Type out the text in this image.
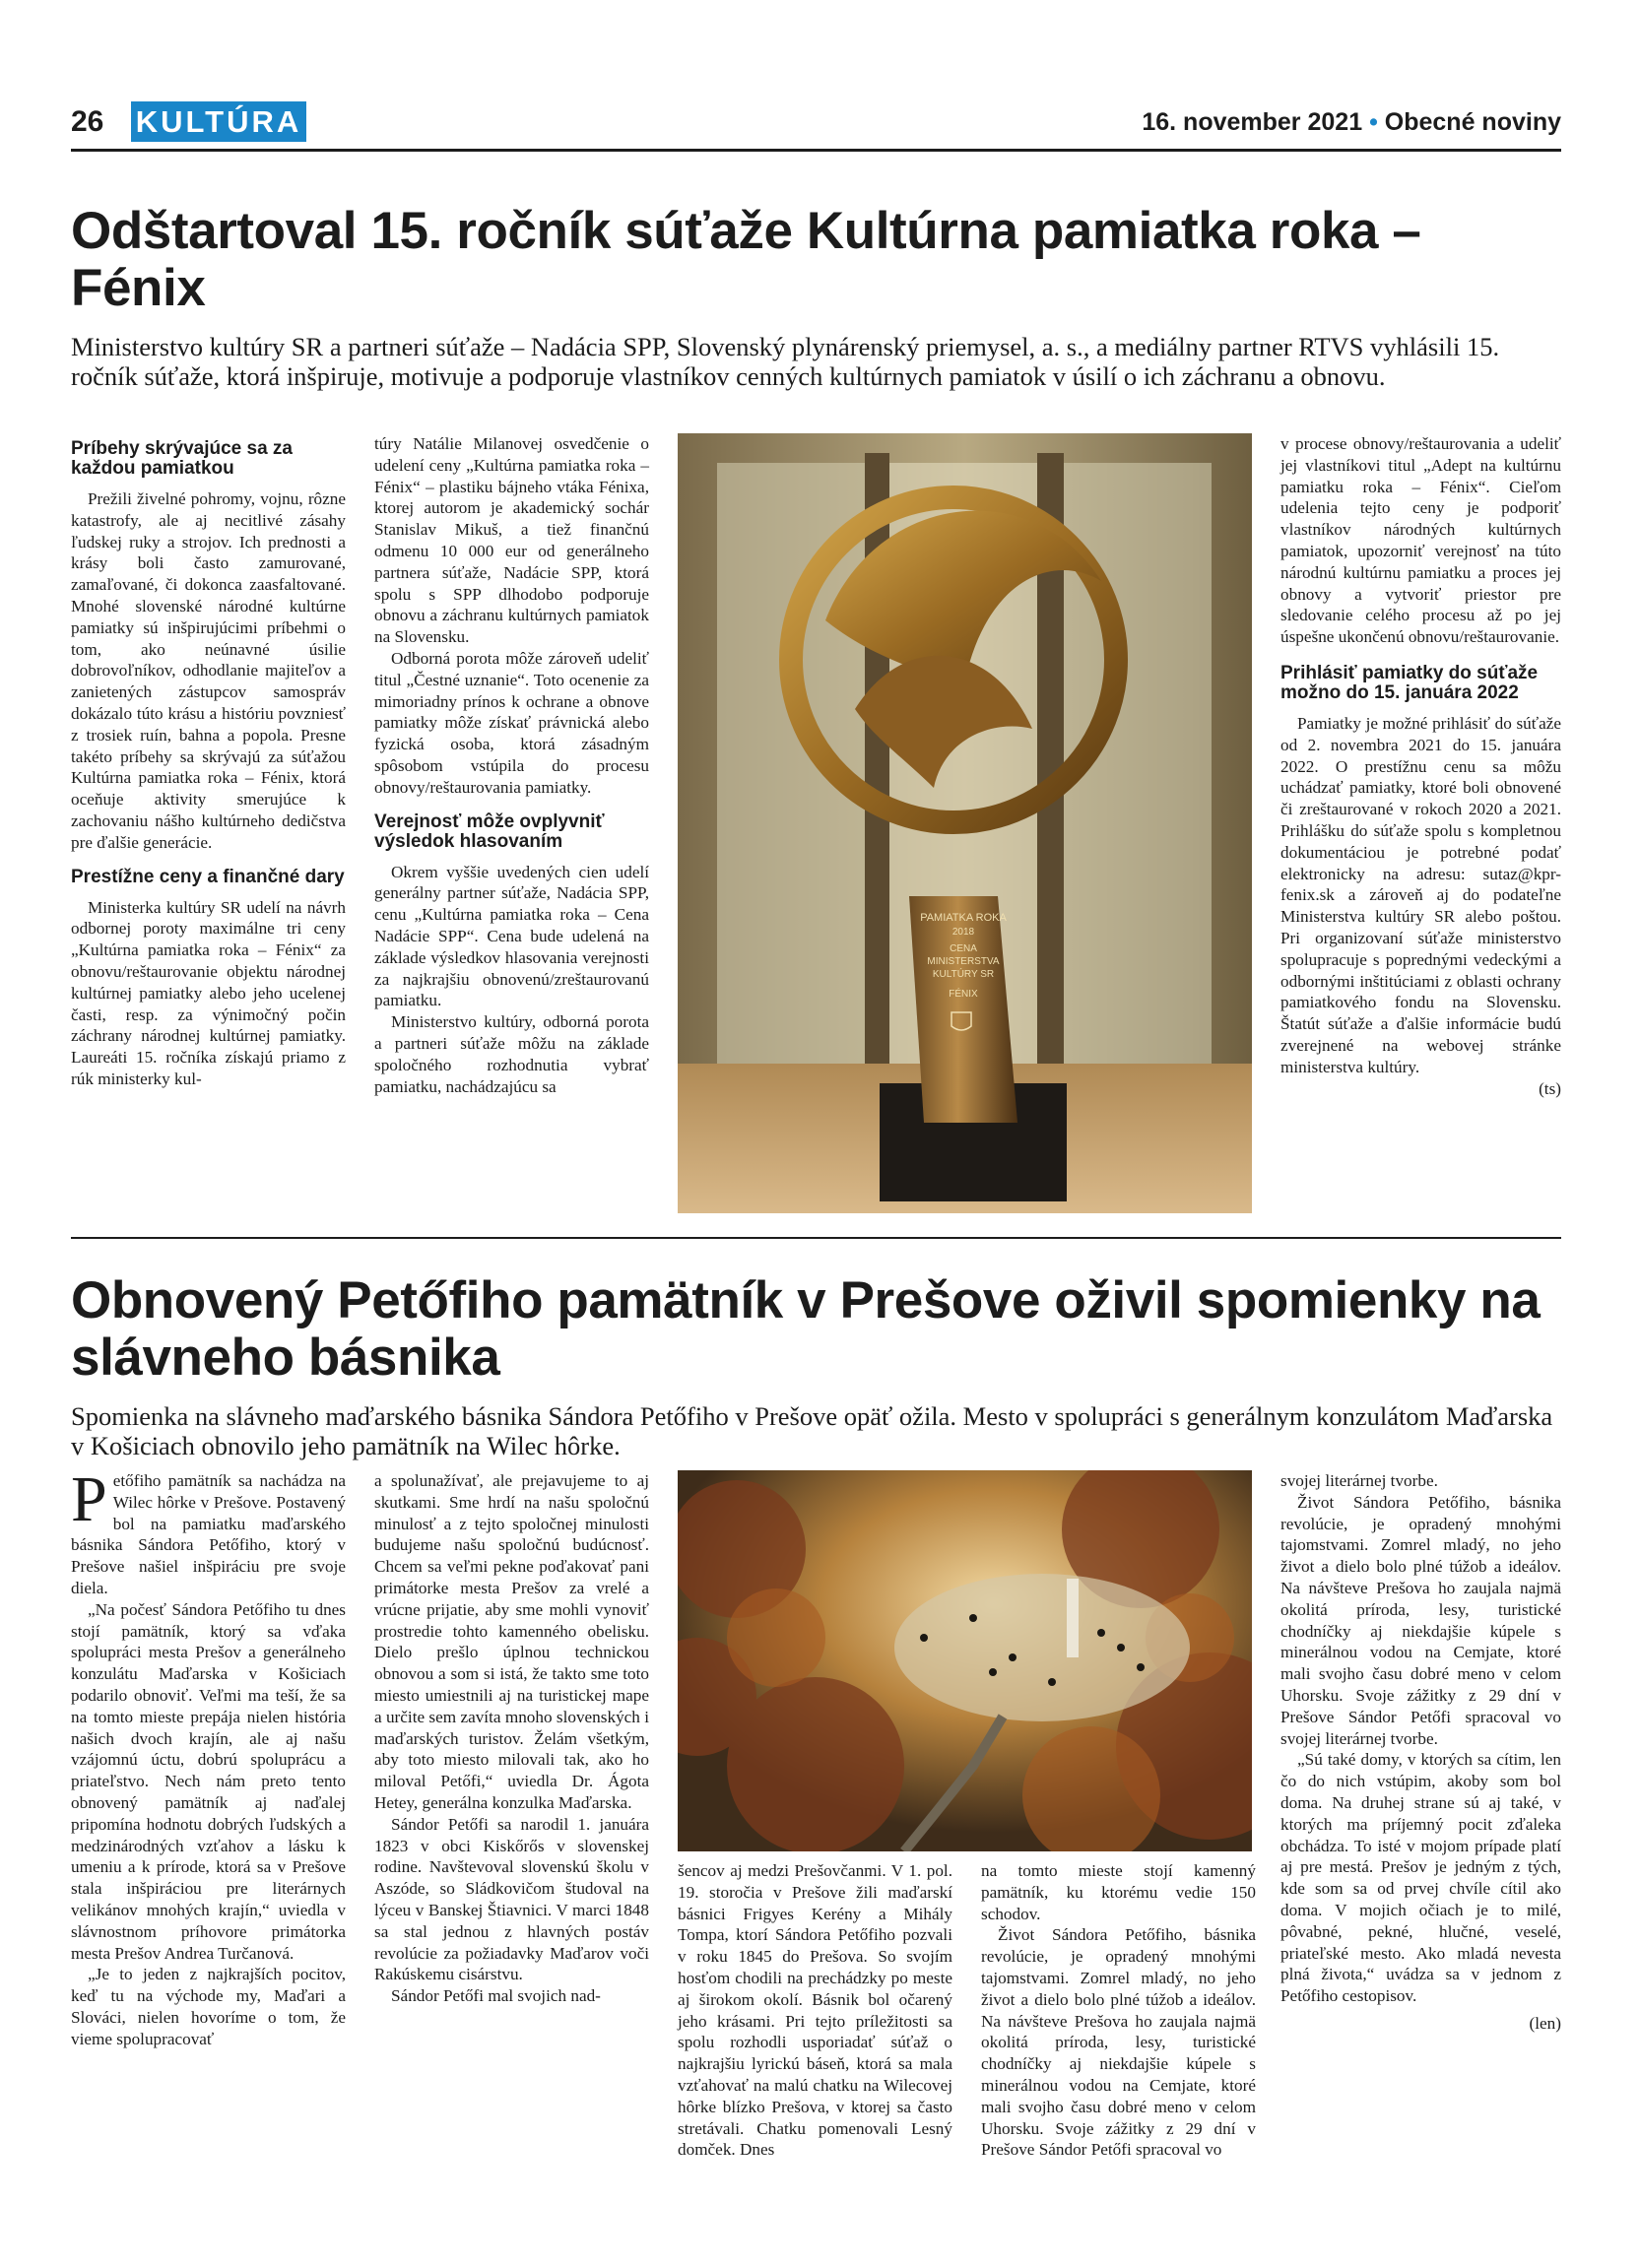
26 KULTÚRA	16. november 2021 • Obecné noviny
Odštartoval 15. ročník súťaže Kultúrna pamiatka roka – Fénix

Ministerstvo kultúry SR a partneri súťaže – Nadácia SPP, Slovenský plynárenský priemysel, a. s., a mediálny partner RTVS vyhlásili 15. ročník súťaže, ktorá inšpiruje, motivuje a podporuje vlastníkov cenných kultúrnych pamiatok v úsilí o ich záchranu a obnovu.

Príbehy skrývajúce sa za každou pamiatkou

Prežili živelné pohromy, vojnu, rôzne katastrofy, ale aj necitlivé zásahy ľudskej ruky a strojov. Ich prednosti a krásy boli často zamurované, zamaľované, či dokonca zaasfaltované. Mnohé slovenské národné kultúrne pamiatky sú inšpirujúcimi príbehmi o tom, ako neúnavné úsilie dobrovoľníkov, odhodlanie majiteľov a zanietených zástupcov samospráv dokázalo túto krásu a históriu povzniesť z trosiek ruín, bahna a popola. Presne takéto príbehy sa skrývajú za súťažou Kultúrna pamiatka roka – Fénix, ktorá oceňuje aktivity smerujúce k zachovaniu nášho kultúrneho dedičstva pre ďalšie generácie.

Prestížne ceny a finančné dary

Ministerka kultúry SR udelí na návrh odbornej poroty maximálne tri ceny „Kultúrna pamiatka roka – Fénix“ za obnovu/reštaurovanie objektu národnej kultúrnej pamiatky alebo jeho ucelenej časti, resp. za výnimočný počin záchrany národnej kultúrnej pamiatky. Laureáti 15. ročníka získajú priamo z rúk ministerky kul-

túry Natálie Milanovej osvedčenie o udelení ceny „Kultúrna pamiatka roka – Fénix“ – plastiku bájneho vtáka Fénixa, ktorej autorom je akademický sochár Stanislav Mikuš, a tiež finančnú odmenu 10 000 eur od generálneho partnera súťaže, Nadácie SPP, ktorá spolu s SPP dlhodobo podporuje obnovu a záchranu kultúrnych pamiatok na Slovensku.

Odborná porota môže zároveň udeliť titul „Čestné uznanie“. Toto ocenenie za mimoriadny prínos k ochrane a obnove pamiatky môže získať právnická alebo fyzická osoba, ktorá zásadným spôsobom vstúpila do procesu obnovy/reštaurovania pamiatky.

Verejnosť môže ovplyvniť výsledok hlasovaním

Okrem vyššie uvedených cien udelí generálny partner súťaže, Nadácia SPP, cenu „Kultúrna pamiatka roka – Cena Nadácie SPP“. Cena bude udelená na základe výsledkov hlasovania verejnosti za najkrajšiu obnovenú/zreštaurovanú pamiatku.

Ministerstvo kultúry, odborná porota a partneri súťaže môžu na základe spoločného rozhodnutia vybrať pamiatku, nachádzajúcu sa

PAMIATKA ROKA
2018
CENA
MINISTERSTVA
KULTÚRY SR
FÉNIX

v procese obnovy/reštaurovania a udeliť jej vlastníkovi titul „Adept na kultúrnu pamiatku roka – Fénix“. Cieľom udelenia tejto ceny je podporiť vlastníkov národných kultúrnych pamiatok, upozorniť verejnosť na túto národnú kultúrnu pamiatku a proces jej obnovy a vytvoriť priestor pre sledovanie celého procesu až po jej úspešne ukončenú obnovu/reštaurovanie.

Prihlásiť pamiatky do súťaže možno do 15. januára 2022

Pamiatky je možné prihlásiť do súťaže od 2. novembra 2021 do 15. januára 2022. O prestížnu cenu sa môžu uchádzať pamiatky, ktoré boli obnovené či zreštaurované v rokoch 2020 a 2021. Prihlášku do súťaže spolu s kompletnou dokumentáciou je potrebné podať elektronicky na adresu: sutaz@kpr-fenix.sk a zároveň aj do podateľne Ministerstva kultúry SR alebo poštou. Pri organizovaní súťaže ministerstvo spolupracuje s poprednými vedeckými a odbornými inštitúciami z oblasti ochrany pamiatkového fondu na Slovensku. Štatút súťaže a ďalšie informácie budú zverejnené na webovej stránke ministerstva kultúry.

(ts)

Obnovený Petőfiho pamätník v Prešove oživil spomienky na slávneho básnika

Spomienka na slávneho maďarského básnika Sándora Petőfiho v Prešove opäť ožila. Mesto v spolupráci s generálnym konzulátom Maďarska v Košiciach obnovilo jeho pamätník na Wilec hôrke.

Petőfiho pamätník sa nachádza na Wilec hôrke v Prešove. Postavený bol na pamiatku maďarského básnika Sándora Petőfiho, ktorý v Prešove našiel inšpiráciu pre svoje diela.

„Na počesť Sándora Petőfiho tu dnes stojí pamätník, ktorý sa vďaka spolupráci mesta Prešov a generálneho konzulátu Maďarska v Košiciach podarilo obnoviť. Veľmi ma teší, že sa na tomto mieste prepája nielen história našich dvoch krajín, ale aj našu vzájomnú úctu, dobrú spoluprácu a priateľstvo. Nech nám preto tento obnovený pamätník aj naďalej pripomína hodnotu dobrých ľudských a medzinárodných vzťahov a lásku k umeniu a k prírode, ktorá sa v Prešove stala inšpiráciou pre literárnych velikánov mnohých krajín,“ uviedla v slávnostnom príhovore primátorka mesta Prešov Andrea Turčanová.

„Je to jeden z najkrajších pocitov, keď tu na východe my, Maďari a Slováci, nielen hovoríme o tom, že vieme spolupracovať

a spolunažívať, ale prejavujeme to aj skutkami. Sme hrdí na našu spoločnú minulosť a z tejto spoločnej minulosti budujeme našu spoločnú budúcnosť. Chcem sa veľmi pekne poďakovať pani primátorke mesta Prešov za vrelé a vrúcne prijatie, aby sme mohli vynoviť prostredie tohto kamenného obelisku. Dielo prešlo úplnou technickou obnovou a som si istá, že takto sme toto miesto umiestnili aj na turistickej mape a určite sem zavíta mnoho slovenských i maďarských turistov. Želám všetkým, aby toto miesto milovali tak, ako ho miloval Petőfi,“ uviedla Dr. Ágota Hetey, generálna konzulka Maďarska.

Sándor Petőfi sa narodil 1. januára 1823 v obci Kiskőrős v slovenskej rodine. Navštevoval slovenskú školu v Aszóde, so Sládkovičom študoval na lýceu v Banskej Štiavnici. V marci 1848 sa stal jednou z hlavných postáv revolúcie za požiadavky Maďarov voči Rakúskemu cisárstvu.

Sándor Petőfi mal svojich nad-

šencov aj medzi Prešovčanmi. V 1. pol. 19. storočia v Prešove žili maďarskí básnici Frigyes Kerény a Mihály Tompa, ktorí Sándora Petőfiho pozvali v roku 1845 do Prešova. So svojím hosťom chodili na prechádzky po meste aj širokom okolí. Básnik bol očarený jeho krásami. Pri tejto príležitosti sa spolu rozhodli usporiadať súťaž o najkrajšiu lyrickú báseň, ktorá sa mala vzťahovať na malú chatku na Wilecovej hôrke blízko Prešova, v ktorej sa často stretávali. Chatku pomenovali Lesný domček. Dnes

na tomto mieste stojí kamenný pamätník, ku ktorému vedie 150 schodov.

Život Sándora Petőfiho, básnika revolúcie, je opradený mnohými tajomstvami. Zomrel mladý, no jeho život a dielo bolo plné túžob a ideálov. Na návšteve Prešova ho zaujala najmä okolitá príroda, lesy, turistické chodníčky aj niekdajšie kúpele s minerálnou vodou na Cemjate, ktoré mali svojho času dobré meno v celom Uhorsku. Svoje zážitky z 29 dní v Prešove Sándor Petőfi spracoval vo

svojej literárnej tvorbe.

Život Sándora Petőfiho, básnika revolúcie, je opradený mnohými tajomstvami. Zomrel mladý, no jeho život a dielo bolo plné túžob a ideálov. Na návšteve Prešova ho zaujala najmä okolitá príroda, lesy, turistické chodníčky aj niekdajšie kúpele s minerálnou vodou na Cemjate, ktoré mali svojho času dobré meno v celom Uhorsku. Svoje zážitky z 29 dní v Prešove Sándor Petőfi spracoval vo svojej literárnej tvorbe.

„Sú také domy, v ktorých sa cítim, len čo do nich vstúpim, akoby som bol doma. Na druhej strane sú aj také, v ktorých ma príjemný pocit zďaleka obchádza. To isté v mojom prípade platí aj pre mestá. Prešov je jedným z tých, kde som sa od prvej chvíle cítil ako doma. V mojich očiach je to milé, pôvabné, pekné, hlučné, veselé, priateľské mesto. Ako mladá nevesta plná života,“ uvádza sa v jednom z Petőfiho cestopisov.

(len)
